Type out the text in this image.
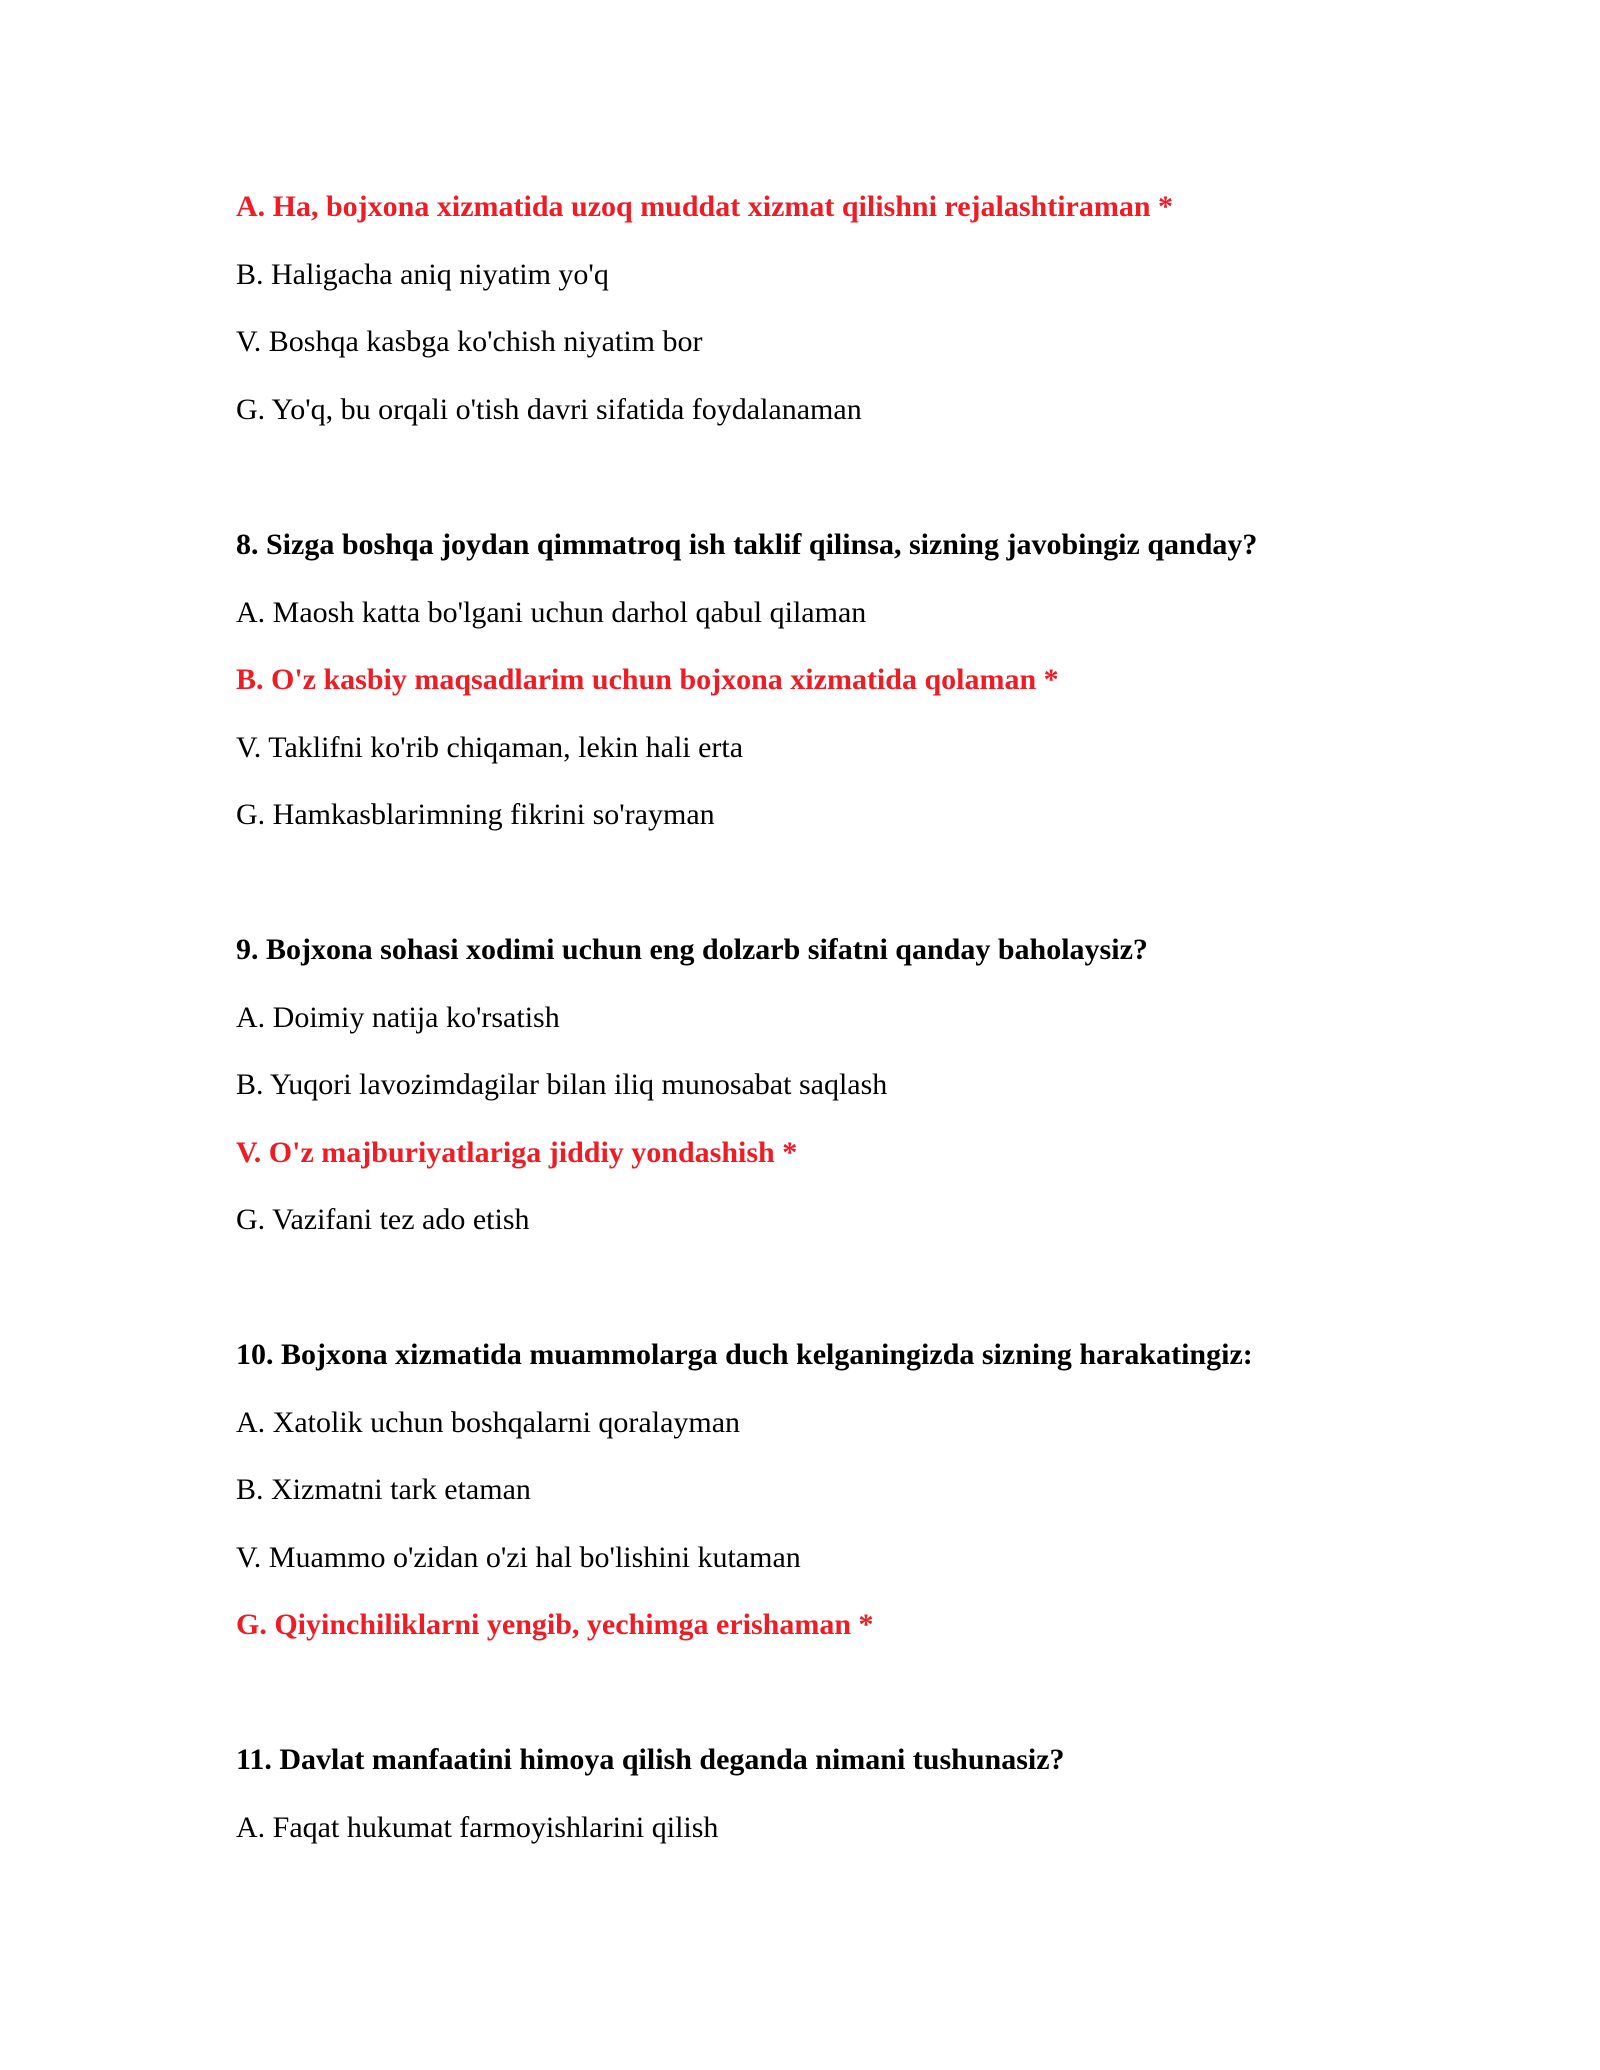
A. Ha, bojxona xizmatida uzoq muddat xizmat qilishni rejalashtiraman *
B. Haligacha aniq niyatim yo'q
V. Boshqa kasbga ko'chish niyatim bor
G. Yo'q, bu orqali o'tish davri sifatida foydalanaman
8. Sizga boshqa joydan qimmatroq ish taklif qilinsa, sizning javobingiz qanday?
A. Maosh katta bo'lgani uchun darhol qabul qilaman
B. O'z kasbiy maqsadlarim uchun bojxona xizmatida qolaman *
V. Taklifni ko'rib chiqaman, lekin hali erta
G. Hamkasblarimning fikrini so'rayman
9. Bojxona sohasi xodimi uchun eng dolzarb sifatni qanday baholaysiz?
A. Doimiy natija ko'rsatish
B. Yuqori lavozimdagilar bilan iliq munosabat saqlash
V. O'z majburiyatlariga jiddiy yondashish *
G. Vazifani tez ado etish
10. Bojxona xizmatida muammolarga duch kelganingizda sizning harakatingiz:
A. Xatolik uchun boshqalarni qoralayman
B. Xizmatni tark etaman
V. Muammo o'zidan o'zi hal bo'lishini kutaman
G. Qiyinchiliklarni yengib, yechimga erishaman *
11. Davlat manfaatini himoya qilish deganda nimani tushunasiz?
A. Faqat hukumat farmoyishlarini qilish
